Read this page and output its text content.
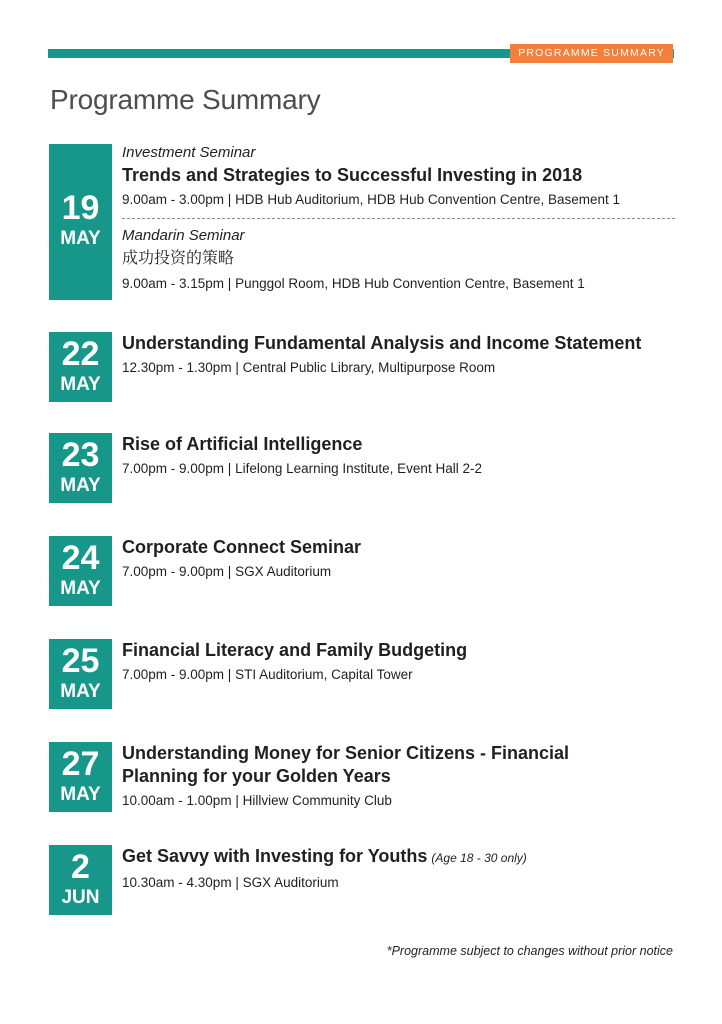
PROGRAMME SUMMARY
Programme Summary
19
MAY
Investment Seminar
Trends and Strategies to Successful Investing in 2018
9.00am - 3.00pm | HDB Hub Auditorium, HDB Hub Convention Centre, Basement 1
Mandarin Seminar
成功投资的策略
9.00am - 3.15pm | Punggol Room, HDB Hub Convention Centre, Basement 1
22
MAY
Understanding Fundamental Analysis and Income Statement
12.30pm - 1.30pm | Central Public Library, Multipurpose Room
23
MAY
Rise of Artificial Intelligence
7.00pm - 9.00pm | Lifelong Learning Institute, Event Hall 2-2
24
MAY
Corporate Connect Seminar
7.00pm - 9.00pm | SGX Auditorium
25
MAY
Financial Literacy and Family Budgeting
7.00pm - 9.00pm | STI Auditorium, Capital Tower
27
MAY
Understanding Money for Senior Citizens - Financial Planning for your Golden Years
10.00am - 1.00pm | Hillview Community Club
2
JUN
Get Savvy with Investing for Youths (Age 18 - 30 only)
10.30am - 4.30pm | SGX Auditorium
*Programme subject to changes without prior notice
